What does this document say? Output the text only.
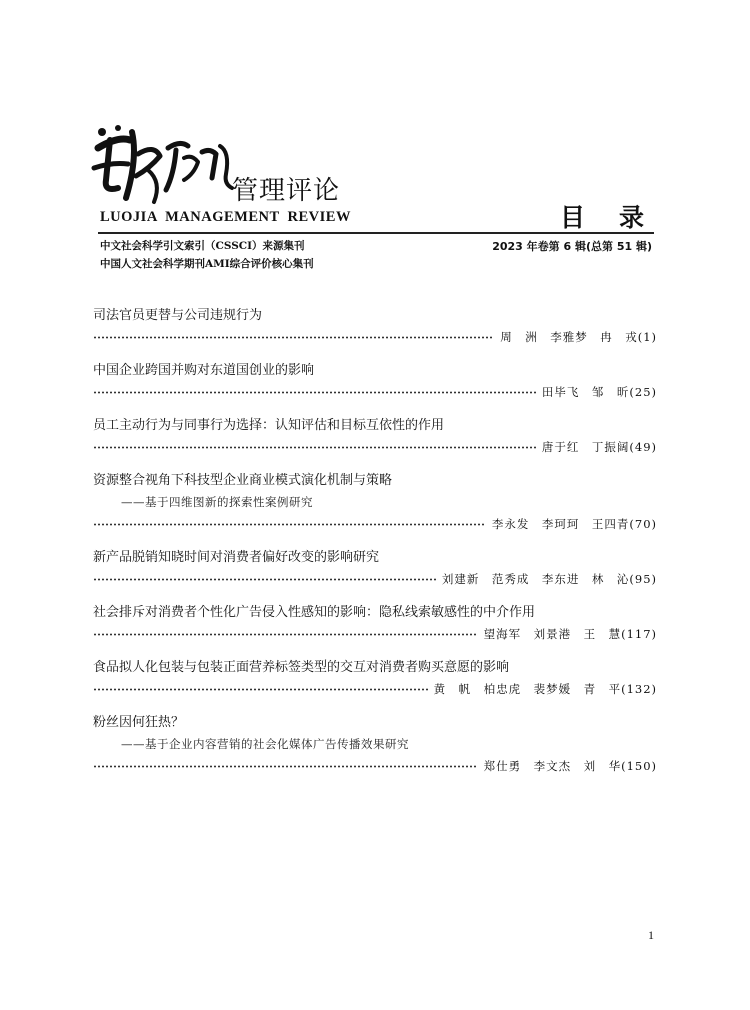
管理评论
LUOJIA MANAGEMENT REVIEW	目录
中文社会科学引文索引（CSSCI）来源集刊
中国人文社会科学期刊AMI综合评价核心集刊
2023 年卷第 6 辑(总第 51 辑)
司法官员更替与公司违规行为
周　洲　李雅梦　冉　戎(1)
中国企业跨国并购对东道国创业的影响
田毕飞　邹　昕(25)
员工主动行为与同事行为选择：认知评估和目标互依性的作用
唐于红　丁振阔(49)
资源整合视角下科技型企业商业模式演化机制与策略
——基于四维图新的探索性案例研究
李永发　李珂珂　王四青(70)
新产品脱销知晓时间对消费者偏好改变的影响研究
刘建新　范秀成　李东进　林　沁(95)
社会排斥对消费者个性化广告侵入性感知的影响：隐私线索敏感性的中介作用
望海军　刘景港　王　慧(117)
食品拟人化包装与包装正面营养标签类型的交互对消费者购买意愿的影响
黄　帆　柏忠虎　裴梦媛　青　平(132)
粉丝因何狂热？
——基于企业内容营销的社会化媒体广告传播效果研究
郑仕勇　李文杰　刘　华(150)
1
